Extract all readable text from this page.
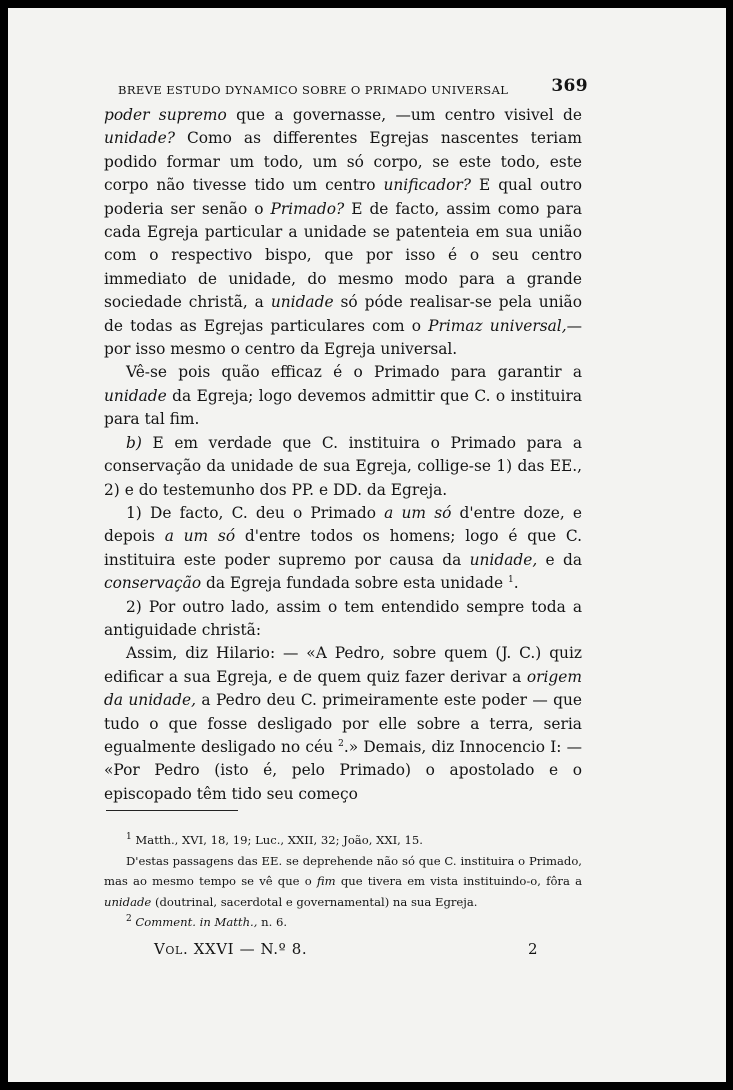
BREVE ESTUDO DYNAMICO SOBRE O PRIMADO UNIVERSAL	369

poder supremo que a governasse, —um centro visivel de unidade? Como as differentes Egrejas nascentes teriam podido formar um todo, um só corpo, se este todo, este corpo não tivesse tido um centro unificador? E qual outro poderia ser senão o Primado? E de facto, assim como para cada Egreja particular a unidade se patenteia em sua união com o respectivo bispo, que por isso é o seu centro immediato de unidade, do mesmo modo para a grande sociedade christã, a unidade só póde realisar-se pela união de todas as Egrejas particulares com o Primaz universal,—por isso mesmo o centro da Egreja universal.

Vê-se pois quão efficaz é o Primado para garantir a unidade da Egreja; logo devemos admittir que C. o instituira para tal fim.

b) E em verdade que C. instituira o Primado para a conservação da unidade de sua Egreja, collige-se 1) das EE., 2) e do testemunho dos PP. e DD. da Egreja.

1) De facto, C. deu o Primado a um só d'entre doze, e depois a um só d'entre todos os homens; logo é que C. instituira este poder supremo por causa da unidade, e da conservação da Egreja fundada sobre esta unidade $^1$.

2) Por outro lado, assim o tem entendido sempre toda a antiguidade christã:

Assim, diz Hilario: — «A Pedro, sobre quem (J. C.) quiz edificar a sua Egreja, e de quem quiz fazer derivar a origem da unidade, a Pedro deu C. primeiramente este poder — que tudo o que fosse desligado por elle sobre a terra, seria egualmente desligado no céu $^2$.» Demais, diz Innocencio I: — «Por Pedro (isto é, pelo Primado) o apostolado e o episcopado têm tido seu começo

$^1$ Matth., XVI, 18, 19; Luc., XXII, 32; João, XXI, 15.

D'estas passagens das EE. se deprehende não só que C. instituira o Primado, mas ao mesmo tempo se vê que o fim que tivera em vista instituindo-o, fôra a unidade (doutrinal, sacerdotal e governamental) na sua Egreja.

$^2$ Comment. in Matth., n. 6.

Vol. XXVI — N.º 8.	2
